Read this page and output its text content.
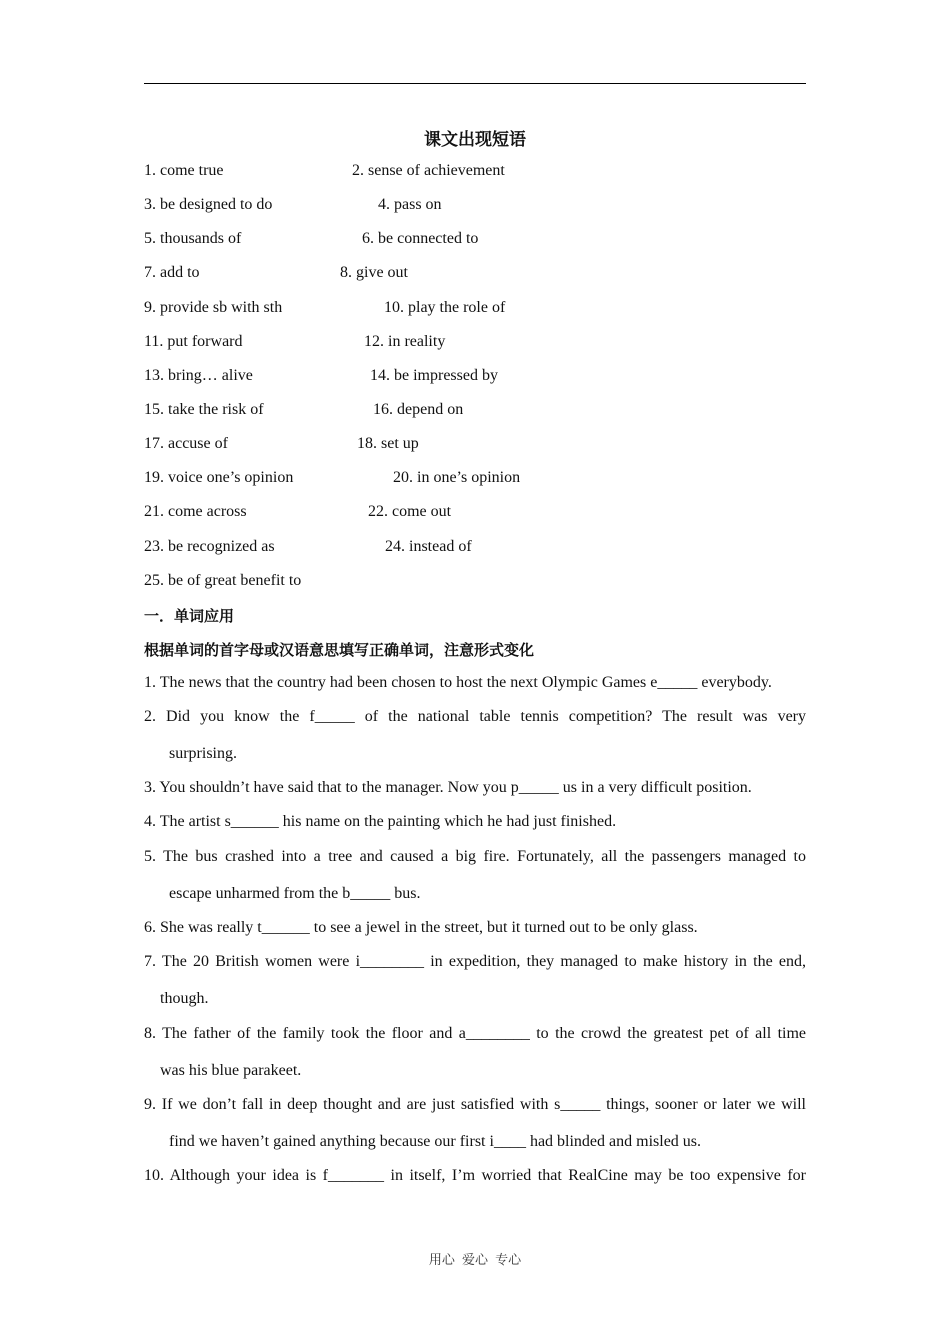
课文出现短语
1. come true	2. sense of achievement
3. be designed to do	4. pass on
5. thousands of	6. be connected to
7. add to	8. give out
9. provide sb with sth	10. play the role of
11. put forward	12. in reality
13. bring… alive	14. be impressed by
15. take the risk of	16. depend on
17. accuse of	18. set up
19. voice one’s opinion	20. in one’s opinion
21. come across	22. come out
23. be recognized as	24. instead of
25. be of great benefit to
一．单词应用
根据单词的首字母或汉语意思填写正确单词，注意形式变化
1. The news that the country had been chosen to host the next Olympic Games e_____ everybody.
2. Did you know the f_____ of the national table tennis competition? The result was very
surprising.
3. You shouldn’t have said that to the manager. Now you p_____ us in a very difficult position.
4. The artist s______ his name on the painting which he had just finished.
5. The bus crashed into a tree and caused a big fire. Fortunately, all the passengers managed to
escape unharmed from the b_____ bus.
6. She was really t______ to see a jewel in the street, but it turned out to be only glass.
7. The 20 British women were i________ in expedition, they managed to make history in the end,
though.
8. The father of the family took the floor and a________ to the crowd the greatest pet of all time
was his blue parakeet.
9. If we don’t fall in deep thought and are just satisfied with s_____ things, sooner or later we will
find we haven’t gained anything because our first i____ had blinded and misled us.
10. Although your idea is f_______ in itself, I’m worried that RealCine may be too expensive for
用心 爱心 专心
